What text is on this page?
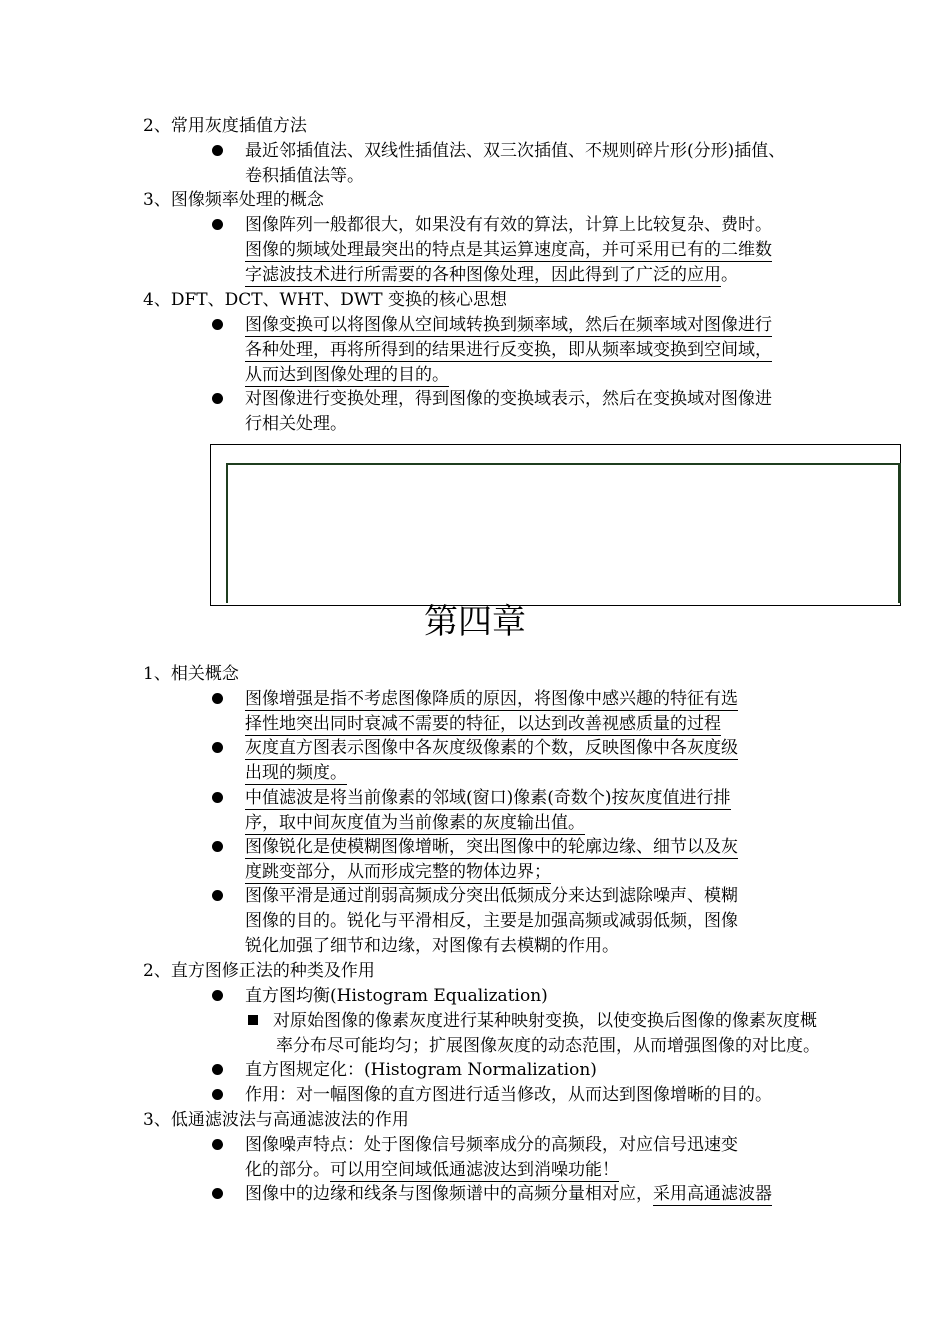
2、常用灰度插值方法

最近邻插值法、双线性插值法、双三次插值、不规则碎片形(分形)插值、

卷积插值法等。

3、图像频率处理的概念

图像阵列一般都很大，如果没有有效的算法，计算上比较复杂、费时。

图像的频域处理最突出的特点是其运算速度高，并可采用已有的二维数

字滤波技术进行所需要的各种图像处理，因此得到了广泛的应用。

4、DFT、DCT、WHT、DWT 变换的核心思想

图像变换可以将图像从空间域转换到频率域，然后在频率域对图像进行

各种处理，再将所得到的结果进行反变换，即从频率域变换到空间域，

从而达到图像处理的目的。

对图像进行变换处理，得到图像的变换域表示，然后在变换域对图像进

行相关处理。

第四章

1、相关概念

图像增强是指不考虑图像降质的原因，将图像中感兴趣的特征有选

择性地突出同时衰减不需要的特征，以达到改善视感质量的过程

灰度直方图表示图像中各灰度级像素的个数，反映图像中各灰度级

出现的频度。

中值滤波是将当前像素的邻域(窗口)像素(奇数个)按灰度值进行排

序，取中间灰度值为当前像素的灰度输出值。

图像锐化是使模糊图像增晰，突出图像中的轮廓边缘、细节以及灰

度跳变部分，从而形成完整的物体边界；

图像平滑是通过削弱高频成分突出低频成分来达到滤除噪声、模糊

图像的目的。锐化与平滑相反，主要是加强高频或减弱低频，图像

锐化加强了细节和边缘，对图像有去模糊的作用。

2、直方图修正法的种类及作用

直方图均衡(Histogram Equalization)

对原始图像的像素灰度进行某种映射变换，以使变换后图像的像素灰度概

率分布尽可能均匀；扩展图像灰度的动态范围，从而增强图像的对比度。

直方图规定化：(Histogram Normalization)

作用：对一幅图像的直方图进行适当修改，从而达到图像增晰的目的。

3、低通滤波法与高通滤波法的作用

图像噪声特点：处于图像信号频率成分的高频段，对应信号迅速变

化的部分。可以用空间域低通滤波达到消噪功能！

图像中的边缘和线条与图像频谱中的高频分量相对应，采用高通滤波器
